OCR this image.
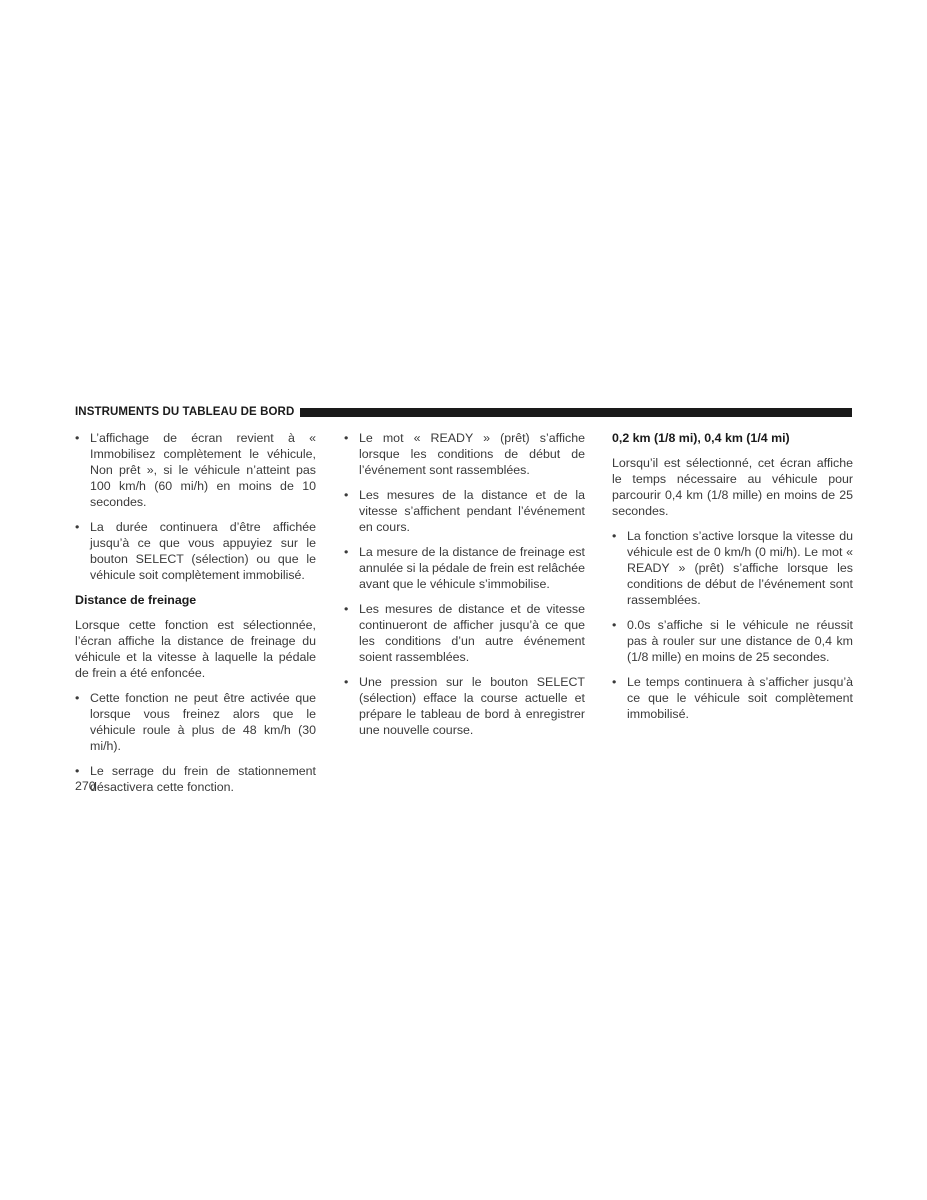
INSTRUMENTS DU TABLEAU DE BORD
• L’affichage de écran revient à « Immobilisez complètement le véhicule, Non prêt », si le véhicule n’atteint pas 100 km/h (60 mi/h) en moins de 10 secondes.
• La durée continuera d’être affichée jusqu’à ce que vous appuyiez sur le bouton SELECT (sélection) ou que le véhicule soit complètement immobilisé.
Distance de freinage

Lorsque cette fonction est sélectionnée, l’écran affiche la distance de freinage du véhicule et la vitesse à laquelle la pédale de frein a été enfoncée.

• Cette fonction ne peut être activée que lorsque vous freinez alors que le véhicule roule à plus de 48 km/h (30 mi/h).
• Le serrage du frein de stationnement désactivera cette fonction.
• Le mot « READY » (prêt) s’affiche lorsque les conditions de début de l’événement sont rassemblées.
• Les mesures de la distance et de la vitesse s’affichent pendant l’événement en cours.
• La mesure de la distance de freinage est annulée si la pédale de frein est relâchée avant que le véhicule s’immobilise.
• Les mesures de distance et de vitesse continueront de afficher jusqu’à ce que les conditions d’un autre événement soient rassemblées.
• Une pression sur le bouton SELECT (sélection) efface la course actuelle et prépare le tableau de bord à enregistrer une nouvelle course.
0,2 km (1/8 mi), 0,4 km (1/4 mi)

Lorsqu’il est sélectionné, cet écran affiche le temps nécessaire au véhicule pour parcourir 0,4 km (1/8 mille) en moins de 25 secondes.

• La fonction s’active lorsque la vitesse du véhicule est de 0 km/h (0 mi/h). Le mot « READY » (prêt) s’affiche lorsque les conditions de début de l’événement sont rassemblées.
• 0.0s s’affiche si le véhicule ne réussit pas à rouler sur une distance de 0,4 km (1/8 mille) en moins de 25 secondes.
• Le temps continuera à s’afficher jusqu’à ce que le véhicule soit complètement immobilisé.
270
